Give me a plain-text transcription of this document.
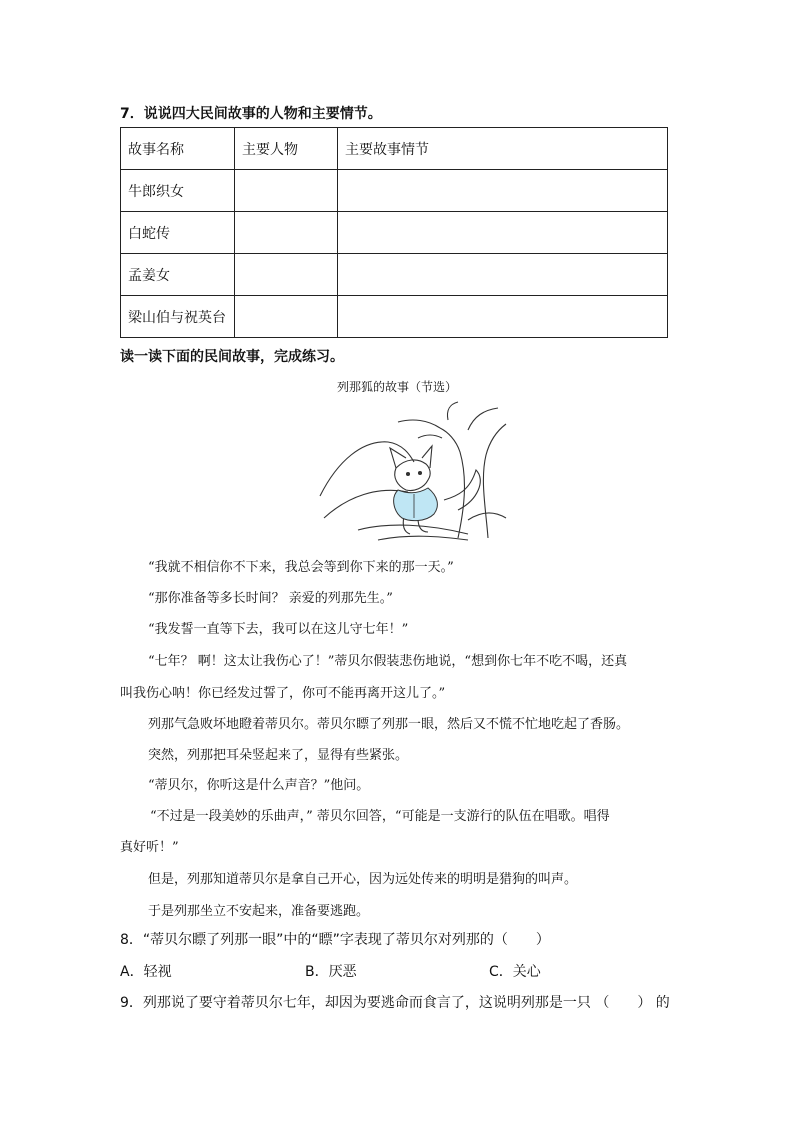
7．说说四大民间故事的人物和主要情节。
故事名称	主要人物	主要故事情节
牛郎织女		
白蛇传		
孟姜女		
梁山伯与祝英台		
读一读下面的民间故事，完成练习。
列那狐的故事（节选）

“我就不相信你不下来，我总会等到你下来的那一天。”

“那你准备等多长时间？ 亲爱的列那先生。”

“我发誓一直等下去，我可以在这儿守七年！”

“七年？ 啊！这太让我伤心了！”蒂贝尔假装悲伤地说，“想到你七年不吃不喝，还真

叫我伤心呐！你已经发过誓了，你可不能再离开这儿了。”

列那气急败坏地瞪着蒂贝尔。蒂贝尔瞟了列那一眼，然后又不慌不忙地吃起了香肠。

突然，列那把耳朵竖起来了，显得有些紧张。

“蒂贝尔，你听这是什么声音？”他问。

“不过是一段美妙的乐曲声，” 蒂贝尔回答，“可能是一支游行的队伍在唱歌。唱得

真好听！”

但是，列那知道蒂贝尔是拿自己开心，因为远处传来的明明是猎狗的叫声。

于是列那坐立不安起来，准备要逃跑。

8．“蒂贝尔瞟了列那一眼”中的“瞟”字表现了蒂贝尔对列那的（　　）
A．轻视	B．厌恶	C．关心
9．列那说了要守着蒂贝尔七年，却因为要逃命而食言了，这说明列那是一只 （　　） 的
